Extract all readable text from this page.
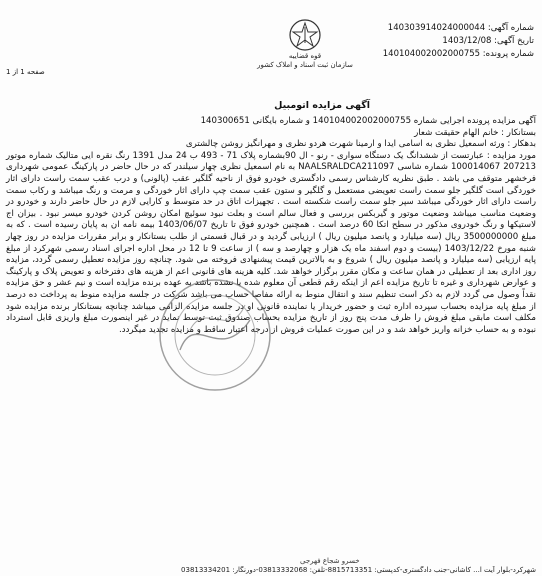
شماره آگهی: 140303914024000044
تاریخ آگهی: 1403/12/08
شماره پرونده: 140104002002000755
قوه قضاییه
سازمان ثبت اسناد و املاک کشور
صفحه 1 از 1
آگهی مزایده اتومبیل

آگهی مزایده پرونده اجرایی شماره 140104002002000755 و شماره بایگانی 140300651

بستانکار : خانم الهام حقیقت شعار

بدهکار : ورثه اسمعیل نظری به اسامی ایدا و ارمینا شهرت هردو نظری و مهرانگیز روشن چالشتری

مورد مزایده : عبارتست از ششدانگ یک دستگاه سواری - رنو - ال 90بشماره پلاک 71 - 493 ب 24 مدل 1391 رنگ نقره ایی متالیک شماره موتور 207213 100014067 شماره شاسی NAALSRALDCA211097 به نام اسمعیل نظری چهار سیلندر که در حال حاضر در پارکینگ عمومی شهرداری فرخشهر متوقف می باشد . طبق نظریه کارشناس رسمی دادگستری خودرو فوق از ناحیه گلگیر عقب (پالونی) و درب عقب سمت راست دارای اثار خوردگی است گلگیر جلو سمت راست تعویضی مستعمل و گلگیر و ستون عقب سمت چپ دارای اثار خوردگی و مرمت و رنگ میباشد و رکاب سمت راست دارای اثار خوردگی میباشد سپر جلو سمت راست شکسته است . تجهیزات اتاق در حد متوسط و کارایی لازم در حال حاضر دارند و خودرو در وضعیت مناسب میباشد وضعیت موتور و گیربکس بررسی و فعال سالم است و بعلت نبود سوئیچ امکان روشن کردن خودرو میسر نبود . بیزان اج لاستیکها و رنگ خودروی مذکور در سطح اتکا 60 درصد است . همچنین خودرو فوق تا تاریخ 1403/06/07 بیمه نامه ان به پایان رسیده است . که به مبلغ 3500000000 ریال (سه میلیارد و پانصد میلیون ریال ) ارزیابی گردید و در قبال قسمتی از طلب بستانکار و برابر مقررات مزایده در روز چهار شنبه مورخ 1403/12/22 (بیست و دوم اسفند ماه یک هزار و چهارصد و سه ) از ساعت 9 تا 12 در محل اداره اجرای اسناد رسمی شهرکرد از مبلغ پایه ارزیابی (سه میلیارد و پانصد میلیون ریال ) شروع و به بالاترین قیمت پیشنهادی فروخته می شود. چنانچه روز مزایده تعطیل رسمی گردد، مزایده روز اداری بعد از تعطیلی در همان ساعت و مکان مقرر برگزار خواهد شد. کلیه هزینه های قانونی اعم از هزینه های دفترخانه و تعویض پلاک و پارکینگ و عوارض شهرداری و غیره تا تاریخ مزایده اعم از اینکه رقم قطعی آن معلوم شده یا نشده باشد به عهده برنده مزایده است و نیم عشر و حق مزایده نقداً وصول می گردد لازم به ذکر است تنظیم سند و انتقال منوط به ارائه مفاصا حساب می باشد شرکت در جلسه مزایده منوط به پرداخت ده درصد از مبلغ پایه مزایده بحساب سپرده اداره ثبت و حضور خریدار یا نماینده قانونی او در جلسه مزایده الزامی میباشد چنانچه بستانکار برنده مزایده شود مکلف است مابقی مبلغ فروش را ظرف مدت پنج روز از تاریخ مزایده بحساب صندوق ثبت توسط نماید در غیر اینصورت مبلغ واریزی قابل استرداد نبوده و به حساب خزانه واریز خواهد شد و در این صورت عملیات فروش از درجه اعتبار ساقط و مزایده تجدید میگردد.

خسرو شجاع فهرجی
شهرکرد-بلوار آیت ا... کاشانی-جنب دادگستری-کدپستی: 8815713351-تلفن: 03813332068-دورنگار: 03813334201
